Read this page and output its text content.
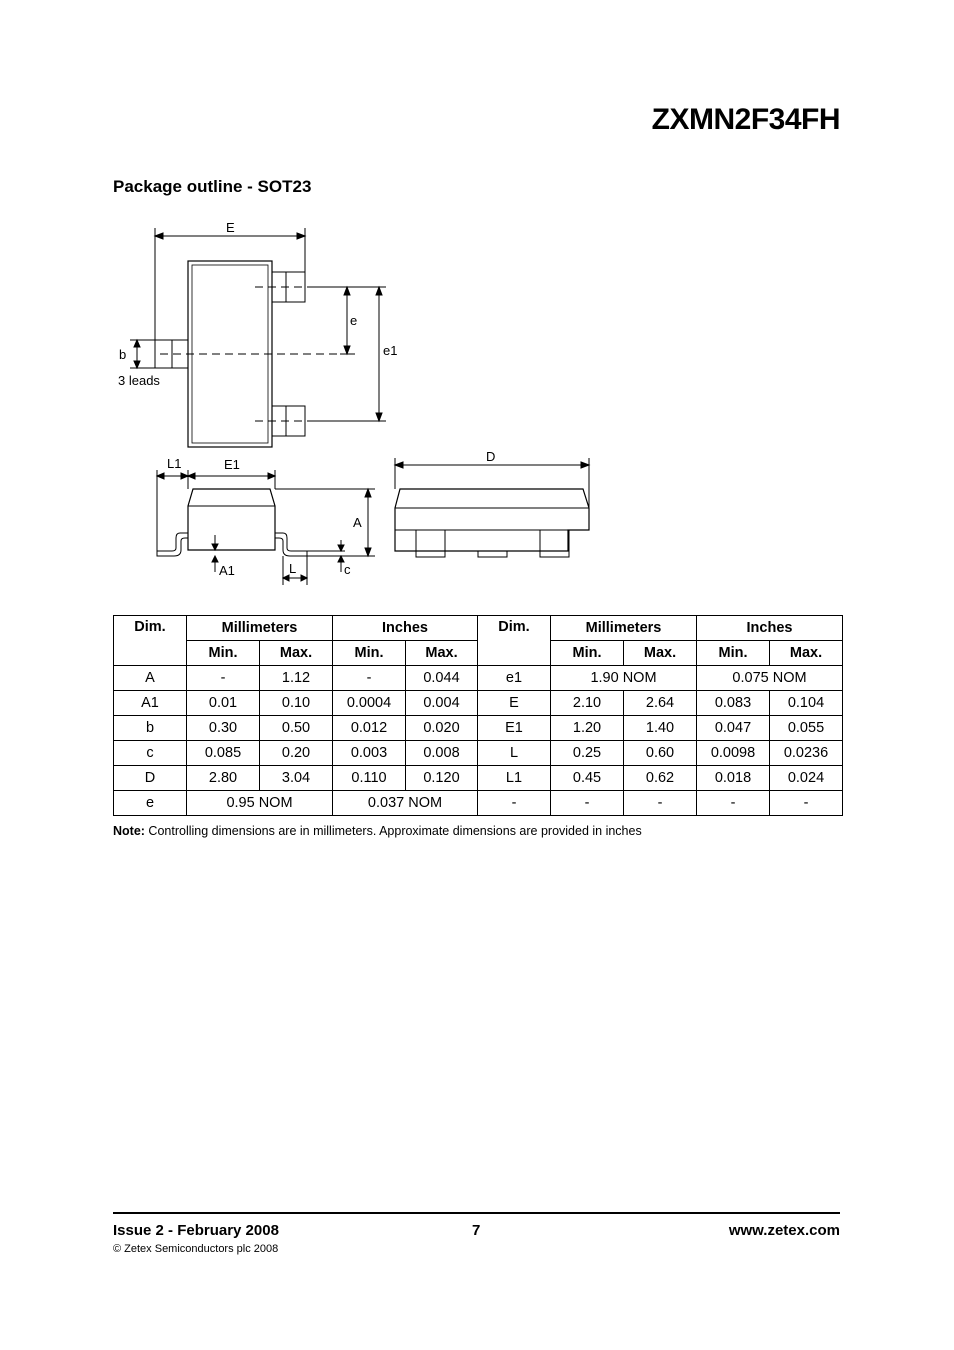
ZXMN2F34FH
Package outline - SOT23
E
e
e1
b
3 leads
L1	E1
A
A1	L	c
D
Dim.	Millimeters		Inches		Dim.	Millimeters		Inches	
	Min.	Max.	Min.	Max.		Min.	Max.	Min.	Max.
A	-	1.12	-	0.044	e1	1.90 NOM		0.075 NOM	
A1	0.01	0.10	0.0004	0.004	E	2.10	2.64	0.083	0.104
b	0.30	0.50	0.012	0.020	E1	1.20	1.40	0.047	0.055
c	0.085	0.20	0.003	0.008	L	0.25	0.60	0.0098	0.0236
D	2.80	3.04	0.110	0.120	L1	0.45	0.62	0.018	0.024
e	0.95 NOM		0.037 NOM		-	-	-	-	-
Note: Controlling dimensions are in millimeters. Approximate dimensions are provided in inches
Issue 2 - February 2008	7	www.zetex.com
© Zetex Semiconductors plc 2008
